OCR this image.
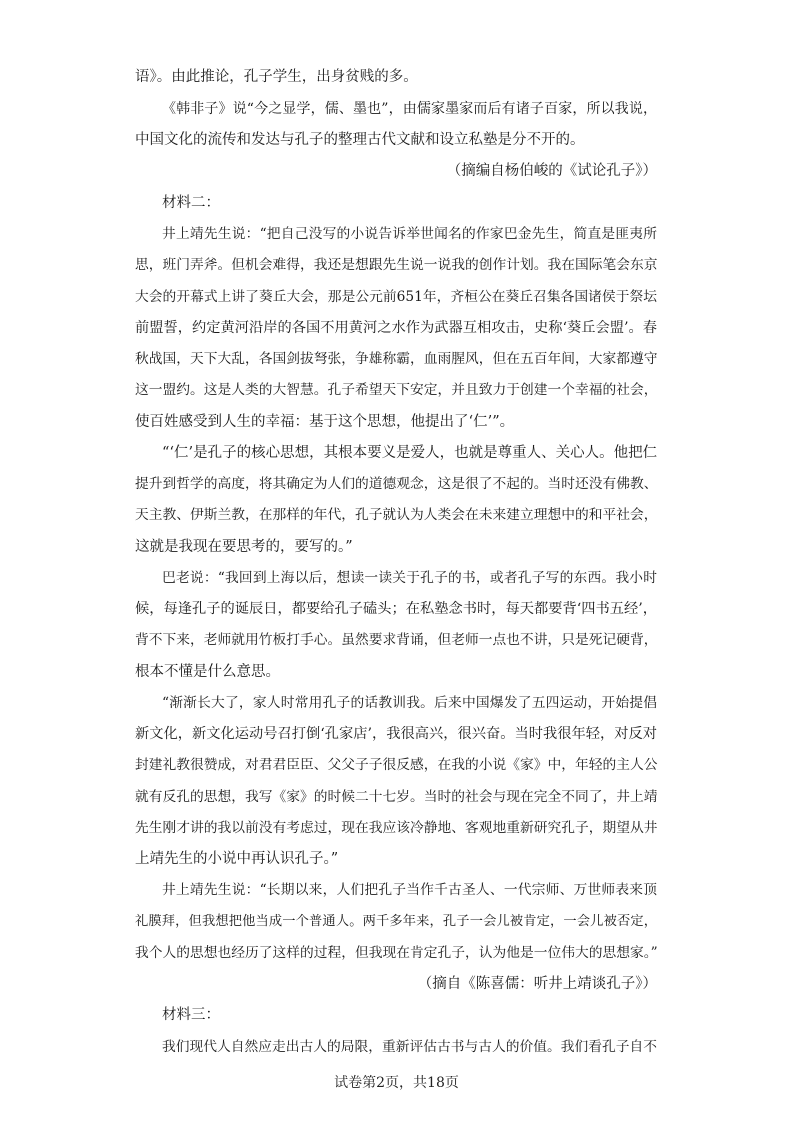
语》。由此推论，孔子学生，出身贫贱的多。
《韩非子》说“今之显学，儒、墨也”，由儒家墨家而后有诸子百家，所以我说，
中国文化的流传和发达与孔子的整理古代文献和设立私塾是分不开的。
（摘编自杨伯峻的《试论孔子》）
材料二：
井上靖先生说：“把自己没写的小说告诉举世闻名的作家巴金先生，简直是匪夷所
思，班门弄斧。但机会难得，我还是想跟先生说一说我的创作计划。我在国际笔会东京
大会的开幕式上讲了葵丘大会，那是公元前651年，齐桓公在葵丘召集各国诸侯于祭坛
前盟誓，约定黄河沿岸的各国不用黄河之水作为武器互相攻击，史称‘葵丘会盟’。春
秋战国，天下大乱，各国剑拔弩张，争雄称霸，血雨腥风，但在五百年间，大家都遵守
这一盟约。这是人类的大智慧。孔子希望天下安定，并且致力于创建一个幸福的社会，
使百姓感受到人生的幸福：基于这个思想，他提出了‘仁’”。
“‘仁’是孔子的核心思想，其根本要义是爱人，也就是尊重人、关心人。他把仁
提升到哲学的高度，将其确定为人们的道德观念，这是很了不起的。当时还没有佛教、
天主教、伊斯兰教，在那样的年代，孔子就认为人类会在未来建立理想中的和平社会，
这就是我现在要思考的，要写的。”
巴老说：“我回到上海以后，想读一读关于孔子的书，或者孔子写的东西。我小时
候，每逢孔子的诞辰日，都要给孔子磕头；在私塾念书时，每天都要背‘四书五经’，
背不下来，老师就用竹板打手心。虽然要求背诵，但老师一点也不讲，只是死记硬背，
根本不懂是什么意思。
“渐渐长大了，家人时常用孔子的话教训我。后来中国爆发了五四运动，开始提倡
新文化，新文化运动号召打倒‘孔家店’，我很高兴，很兴奋。当时我很年轻，对反对
封建礼教很赞成，对君君臣臣、父父子子很反感，在我的小说《家》中，年轻的主人公
就有反孔的思想，我写《家》的时候二十七岁。当时的社会与现在完全不同了，井上靖
先生刚才讲的我以前没有考虑过，现在我应该冷静地、客观地重新研究孔子，期望从井
上靖先生的小说中再认识孔子。”
井上靖先生说：“长期以来，人们把孔子当作千古圣人、一代宗师、万世师表来顶
礼膜拜，但我想把他当成一个普通人。两千多年来，孔子一会儿被肯定，一会儿被否定，
我个人的思想也经历了这样的过程，但我现在肯定孔子，认为他是一位伟大的思想家。”
（摘自《陈喜儒：听井上靖谈孔子》）
材料三：
我们现代人自然应走出古人的局限，重新评估古书与古人的价值。我们看孔子自不
试卷第2页，共18页
